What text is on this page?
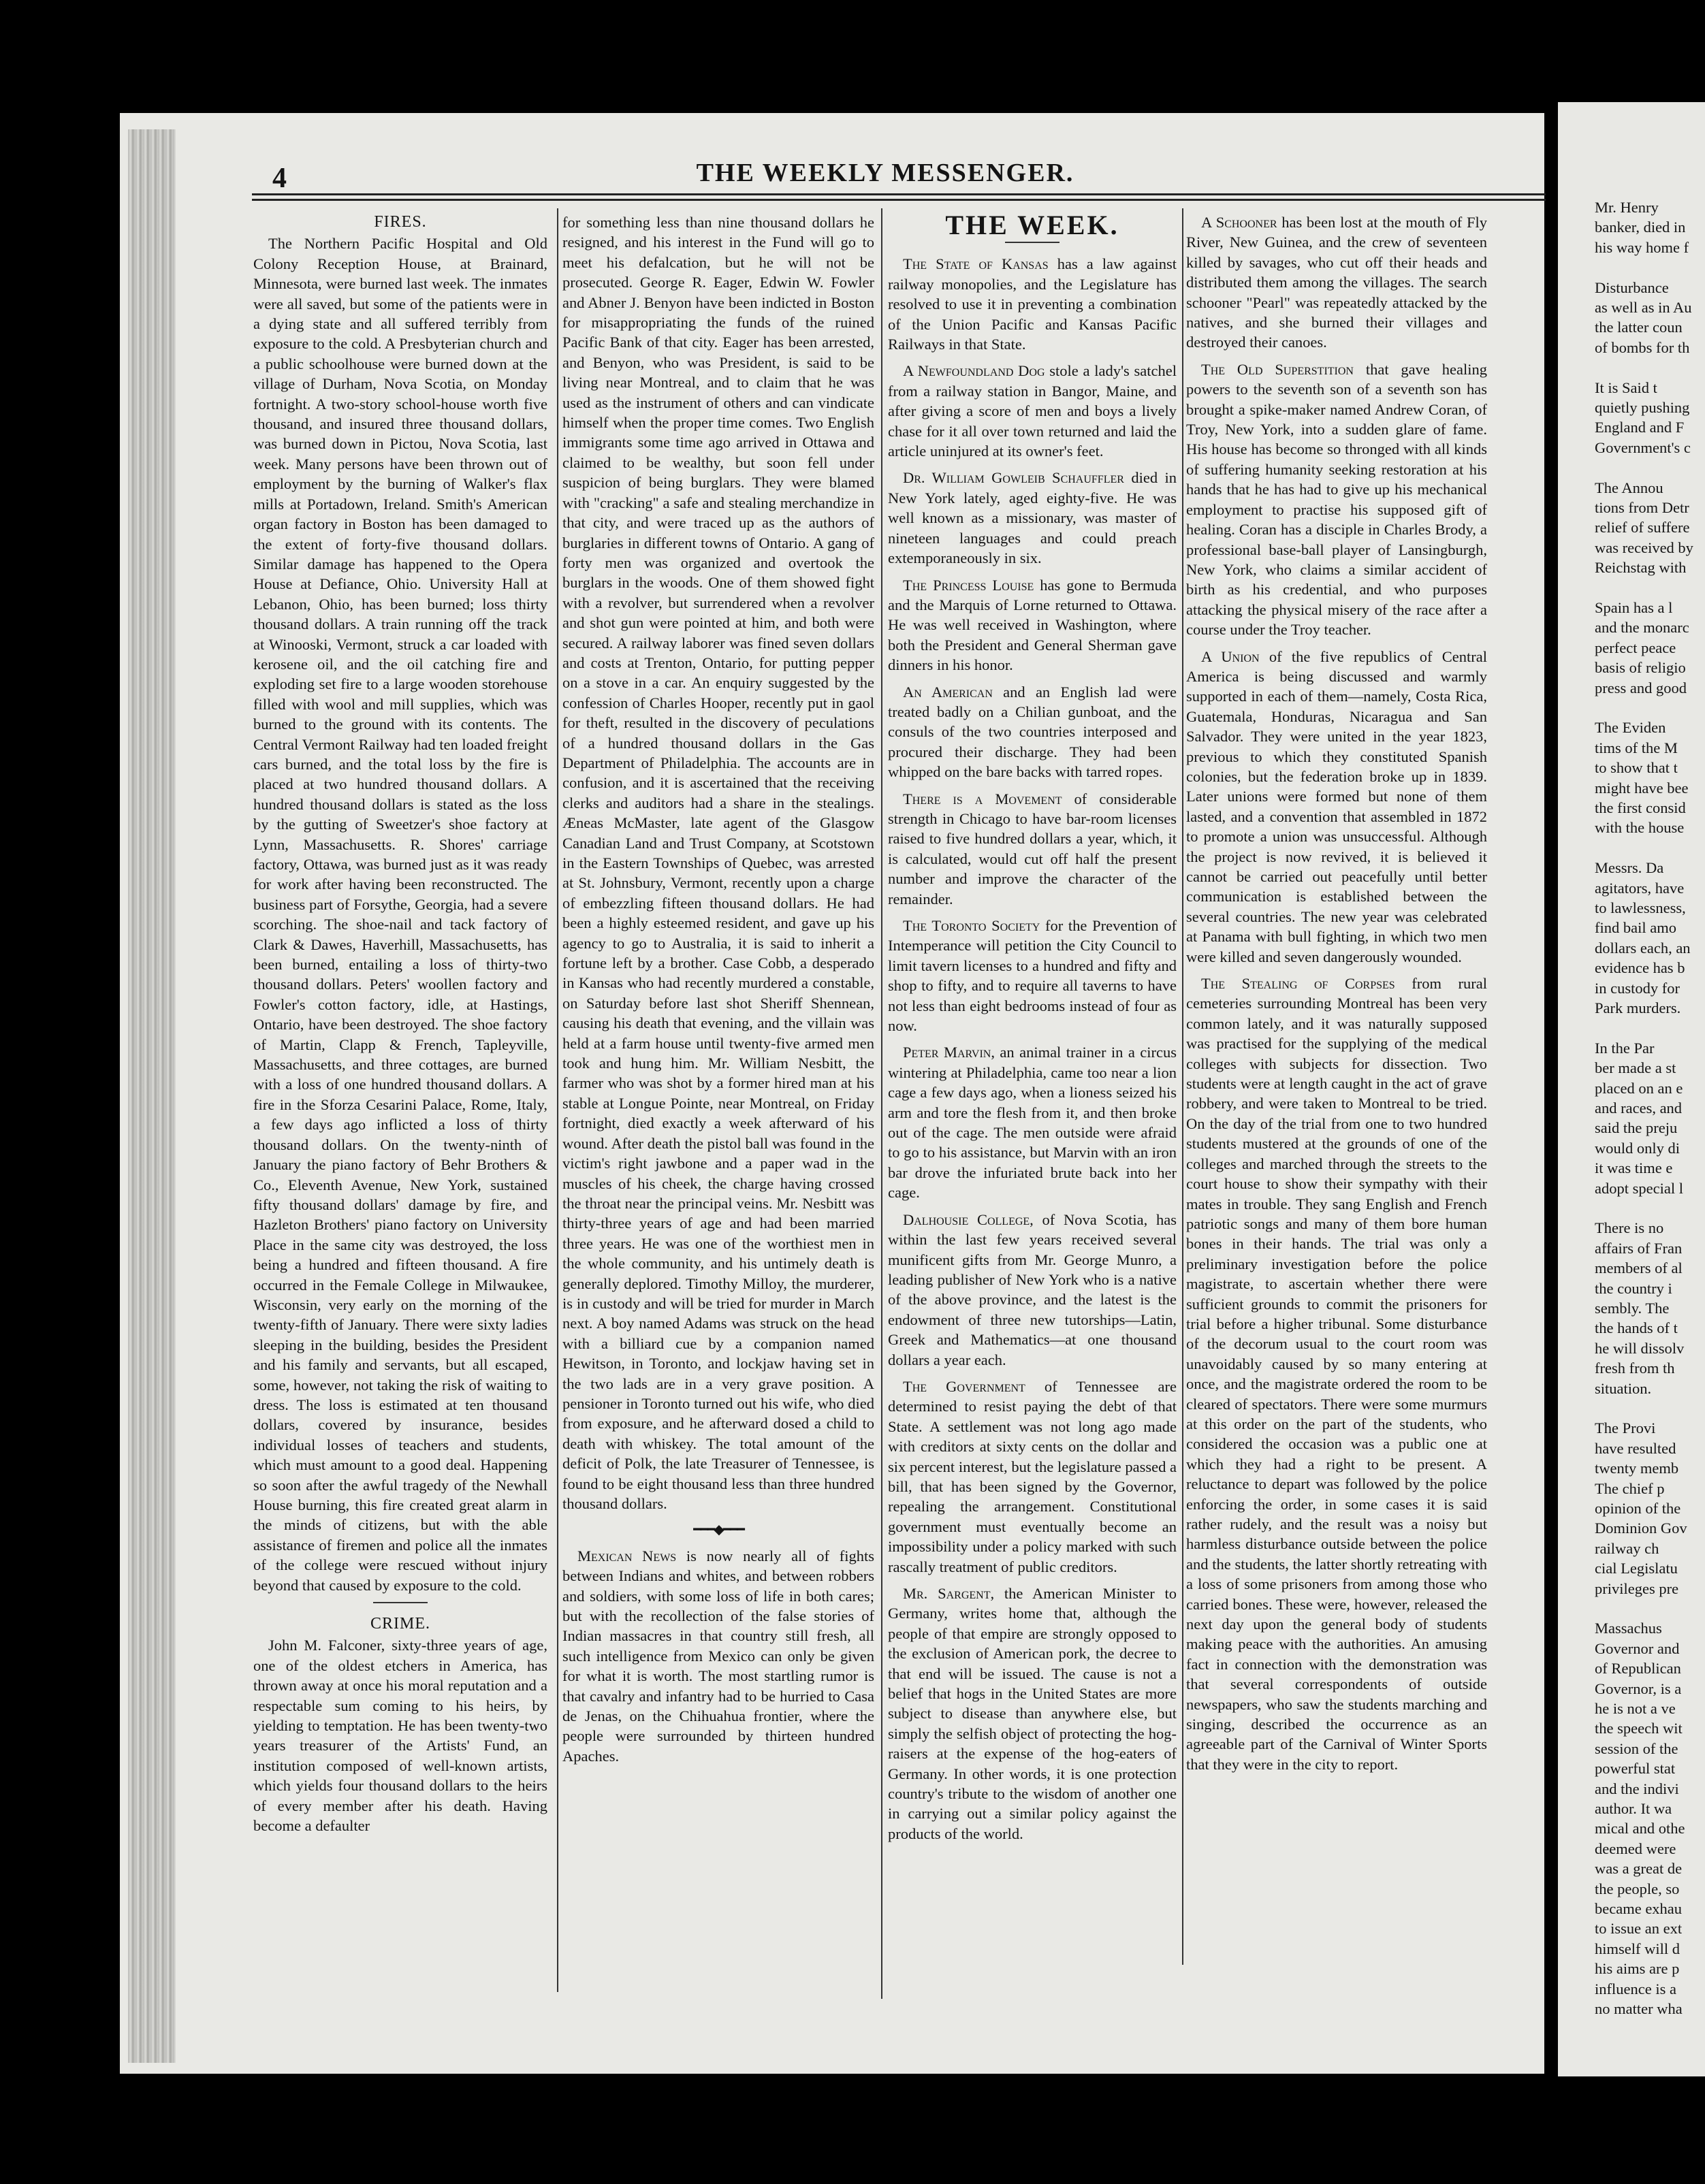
4	THE WEEKLY MESSENGER.
FIRES.

The Northern Pacific Hospital and Old Colony Reception House, at Brainard, Minnesota, were burned last week. The inmates were all saved, but some of the patients were in a dying state and all suffered terribly from exposure to the cold. A Presbyterian church and a public schoolhouse were burned down at the village of Durham, Nova Scotia, on Monday fortnight. A two-story school-house worth five thousand, and insured three thousand dollars, was burned down in Pictou, Nova Scotia, last week. Many persons have been thrown out of employment by the burning of Walker's flax mills at Portadown, Ireland. Smith's American organ factory in Boston has been damaged to the extent of forty-five thousand dollars. Similar damage has happened to the Opera House at Defiance, Ohio. University Hall at Lebanon, Ohio, has been burned; loss thirty thousand dollars. A train running off the track at Winooski, Vermont, struck a car loaded with kerosene oil, and the oil catching fire and exploding set fire to a large wooden storehouse filled with wool and mill supplies, which was burned to the ground with its contents. The Central Vermont Railway had ten loaded freight cars burned, and the total loss by the fire is placed at two hundred thousand dollars. A hundred thousand dollars is stated as the loss by the gutting of Sweetzer's shoe factory at Lynn, Massachusetts. R. Shores' carriage factory, Ottawa, was burned just as it was ready for work after having been reconstructed. The business part of Forsythe, Georgia, had a severe scorching. The shoe-nail and tack factory of Clark & Dawes, Haverhill, Massachusetts, has been burned, entailing a loss of thirty-two thousand dollars. Peters' woollen factory and Fowler's cotton factory, idle, at Hastings, Ontario, have been destroyed. The shoe factory of Martin, Clapp & French, Tapleyville, Massachusetts, and three cottages, are burned with a loss of one hundred thousand dollars. A fire in the Sforza Cesarini Palace, Rome, Italy, a few days ago inflicted a loss of thirty thousand dollars. On the twenty-ninth of January the piano factory of Behr Brothers & Co., Eleventh Avenue, New York, sustained fifty thousand dollars' damage by fire, and Hazleton Brothers' piano factory on University Place in the same city was destroyed, the loss being a hundred and fifteen thousand. A fire occurred in the Female College in Milwaukee, Wisconsin, very early on the morning of the twenty-fifth of January. There were sixty ladies sleeping in the building, besides the President and his family and servants, but all escaped, some, however, not taking the risk of waiting to dress. The loss is estimated at ten thousand dollars, covered by insurance, besides individual losses of teachers and students, which must amount to a good deal. Happening so soon after the awful tragedy of the Newhall House burning, this fire created great alarm in the minds of citizens, but with the able assistance of firemen and police all the inmates of the college were rescued without injury beyond that caused by exposure to the cold.

CRIME.

John M. Falconer, sixty-three years of age, one of the oldest etchers in America, has thrown away at once his moral reputation and a respectable sum coming to his heirs, by yielding to temptation. He has been twenty-two years treasurer of the Artists' Fund, an institution composed of well-known artists, which yields four thousand dollars to the heirs of every member after his death. Having become a defaulter

for something less than nine thousand dollars he resigned, and his interest in the Fund will go to meet his defalcation, but he will not be prosecuted. George R. Eager, Edwin W. Fowler and Abner J. Benyon have been indicted in Boston for misappropriating the funds of the ruined Pacific Bank of that city. Eager has been arrested, and Benyon, who was President, is said to be living near Montreal, and to claim that he was used as the instrument of others and can vindicate himself when the proper time comes. Two English immigrants some time ago arrived in Ottawa and claimed to be wealthy, but soon fell under suspicion of being burglars. They were blamed with "cracking" a safe and stealing merchandize in that city, and were traced up as the authors of burglaries in different towns of Ontario. A gang of forty men was organized and overtook the burglars in the woods. One of them showed fight with a revolver, but surrendered when a revolver and shot gun were pointed at him, and both were secured. A railway laborer was fined seven dollars and costs at Trenton, Ontario, for putting pepper on a stove in a car. An enquiry suggested by the confession of Charles Hooper, recently put in gaol for theft, resulted in the discovery of peculations of a hundred thousand dollars in the Gas Department of Philadelphia. The accounts are in confusion, and it is ascertained that the receiving clerks and auditors had a share in the stealings. Æneas McMaster, late agent of the Glasgow Canadian Land and Trust Company, at Scotstown in the Eastern Townships of Quebec, was arrested at St. Johnsbury, Vermont, recently upon a charge of embezzling fifteen thousand dollars. He had been a highly esteemed resident, and gave up his agency to go to Australia, it is said to inherit a fortune left by a brother. Case Cobb, a desperado in Kansas who had recently murdered a constable, on Saturday before last shot Sheriff Shennean, causing his death that evening, and the villain was held at a farm house until twenty-five armed men took and hung him. Mr. William Nesbitt, the farmer who was shot by a former hired man at his stable at Longue Pointe, near Montreal, on Friday fortnight, died exactly a week afterward of his wound. After death the pistol ball was found in the victim's right jawbone and a paper wad in the muscles of his cheek, the charge having crossed the throat near the principal veins. Mr. Nesbitt was thirty-three years of age and had been married three years. He was one of the worthiest men in the whole community, and his untimely death is generally deplored. Timothy Milloy, the murderer, is in custody and will be tried for murder in March next. A boy named Adams was struck on the head with a billiard cue by a companion named Hewitson, in Toronto, and lockjaw having set in the two lads are in a very grave position. A pensioner in Toronto turned out his wife, who died from exposure, and he afterward dosed a child to death with whiskey. The total amount of the deficit of Polk, the late Treasurer of Tennessee, is found to be eight thousand less than three hundred thousand dollars.

━━━◆━━━

Mexican News is now nearly all of fights between Indians and whites, and between robbers and soldiers, with some loss of life in both cares; but with the recollection of the false stories of Indian massacres in that country still fresh, all such intelligence from Mexico can only be given for what it is worth. The most startling rumor is that cavalry and infantry had to be hurried to Casa de Jenas, on the Chihuahua frontier, where the people were surrounded by thirteen hundred Apaches.

THE WEEK.

The State of Kansas has a law against railway monopolies, and the Legislature has resolved to use it in preventing a combination of the Union Pacific and Kansas Pacific Railways in that State.

A Newfoundland Dog stole a lady's satchel from a railway station in Bangor, Maine, and after giving a score of men and boys a lively chase for it all over town returned and laid the article uninjured at its owner's feet.

Dr. William Gowleib Schauffler died in New York lately, aged eighty-five. He was well known as a missionary, was master of nineteen languages and could preach extemporaneously in six.

The Princess Louise has gone to Bermuda and the Marquis of Lorne returned to Ottawa. He was well received in Washington, where both the President and General Sherman gave dinners in his honor.

An American and an English lad were treated badly on a Chilian gunboat, and the consuls of the two countries interposed and procured their discharge. They had been whipped on the bare backs with tarred ropes.

There is a Movement of considerable strength in Chicago to have bar-room licenses raised to five hundred dollars a year, which, it is calculated, would cut off half the present number and improve the character of the remainder.

The Toronto Society for the Prevention of Intemperance will petition the City Council to limit tavern licenses to a hundred and fifty and shop to fifty, and to require all taverns to have not less than eight bedrooms instead of four as now.

Peter Marvin, an animal trainer in a circus wintering at Philadelphia, came too near a lion cage a few days ago, when a lioness seized his arm and tore the flesh from it, and then broke out of the cage. The men outside were afraid to go to his assistance, but Marvin with an iron bar drove the infuriated brute back into her cage.

Dalhousie College, of Nova Scotia, has within the last few years received several munificent gifts from Mr. George Munro, a leading publisher of New York who is a native of the above province, and the latest is the endowment of three new tutorships—Latin, Greek and Mathematics—at one thousand dollars a year each.

The Government of Tennessee are determined to resist paying the debt of that State. A settlement was not long ago made with creditors at sixty cents on the dollar and six percent interest, but the legislature passed a bill, that has been signed by the Governor, repealing the arrangement. Constitutional government must eventually become an impossibility under a policy marked with such rascally treatment of public creditors.

Mr. Sargent, the American Minister to Germany, writes home that, although the people of that empire are strongly opposed to the exclusion of American pork, the decree to that end will be issued. The cause is not a belief that hogs in the United States are more subject to disease than anywhere else, but simply the selfish object of protecting the hog-raisers at the expense of the hog-eaters of Germany. In other words, it is one protection country's tribute to the wisdom of another one in carrying out a similar policy against the products of the world.

A Schooner has been lost at the mouth of Fly River, New Guinea, and the crew of seventeen killed by savages, who cut off their heads and distributed them among the villages. The search schooner "Pearl" was repeatedly attacked by the natives, and she burned their villages and destroyed their canoes.

The Old Superstition that gave healing powers to the seventh son of a seventh son has brought a spike-maker named Andrew Coran, of Troy, New York, into a sudden glare of fame. His house has become so thronged with all kinds of suffering humanity seeking restoration at his hands that he has had to give up his mechanical employment to practise his supposed gift of healing. Coran has a disciple in Charles Brody, a professional base-ball player of Lansingburgh, New York, who claims a similar accident of birth as his credential, and who purposes attacking the physical misery of the race after a course under the Troy teacher.

A Union of the five republics of Central America is being discussed and warmly supported in each of them—namely, Costa Rica, Guatemala, Honduras, Nicaragua and San Salvador. They were united in the year 1823, previous to which they constituted Spanish colonies, but the federation broke up in 1839. Later unions were formed but none of them lasted, and a convention that assembled in 1872 to promote a union was unsuccessful. Although the project is now revived, it is believed it cannot be carried out peacefully until better communication is established between the several countries. The new year was celebrated at Panama with bull fighting, in which two men were killed and seven dangerously wounded.

The Stealing of Corpses from rural cemeteries surrounding Montreal has been very common lately, and it was naturally supposed was practised for the supplying of the medical colleges with subjects for dissection. Two students were at length caught in the act of grave robbery, and were taken to Montreal to be tried. On the day of the trial from one to two hundred students mustered at the grounds of one of the colleges and marched through the streets to the court house to show their sympathy with their mates in trouble. They sang English and French patriotic songs and many of them bore human bones in their hands. The trial was only a preliminary investigation before the police magistrate, to ascertain whether there were sufficient grounds to commit the prisoners for trial before a higher tribunal. Some disturbance of the decorum usual to the court room was unavoidably caused by so many entering at once, and the magistrate ordered the room to be cleared of spectators. There were some murmurs at this order on the part of the students, who considered the occasion was a public one at which they had a right to be present. A reluctance to depart was followed by the police enforcing the order, in some cases it is said rather rudely, and the result was a noisy but harmless disturbance outside between the police and the students, the latter shortly retreating with a loss of some prisoners from among those who carried bones. These were, however, released the next day upon the general body of students making peace with the authorities. An amusing fact in connection with the demonstration was that several correspondents of outside newspapers, who saw the students marching and singing, described the occurrence as an agreeable part of the Carnival of Winter Sports that they were in the city to report.

Mr. Henry
banker, died in
his way home f
Disturbance
as well as in Au
the latter coun
of bombs for th
It is Said t
quietly pushing
England and F
Government's c
The Annou
tions from Detr
relief of suffere
was received by
Reichstag with
Spain has a l
and the monarc
perfect peace
basis of religio
press and good
The Eviden
tims of the M
to show that t
might have bee
the first consid
with the house
Messrs. Da
agitators, have
to lawlessness,
find bail amo
dollars each, an
evidence has b
in custody for
Park murders.
In the Par
ber made a st
placed on an e
and races, and
said the preju
would only di
it was time e
adopt special l
There is no
affairs of Fran
members of al
the country i
sembly. The
the hands of t
he will dissolv
fresh from th
situation.
The Provi
have resulted
twenty memb
The chief p
opinion of the
Dominion Gov
railway ch
cial Legislatu
privileges pre
Massachus
Governor and
of Republican
Governor, is a
he is not a ve
the speech wit
session of the
powerful stat
and the indivi
author. It wa
mical and othe
deemed were
was a great de
the people, so
became exhau
to issue an ext
himself will d
his aims are p
influence is a
no matter wha
